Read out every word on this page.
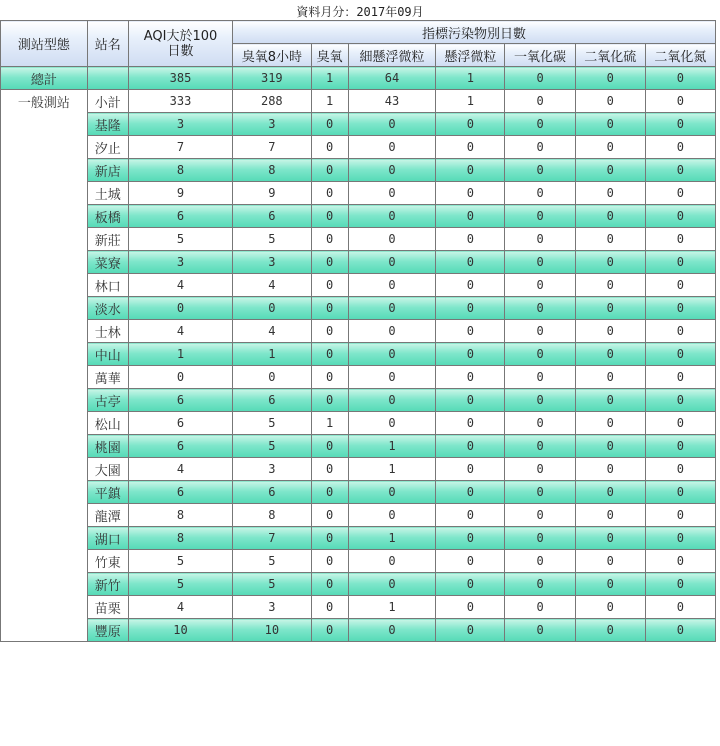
資料月分：2017年09月
測站型態	站名	AQI大於100日數	指標污染物別日數						
			臭氧8小時	臭氧	細懸浮微粒	懸浮微粒	一氧化碳	二氧化硫	二氧化氮
總計		385	319	1	64	1	0	0	0
一般測站	小計	333	288	1	43	1	0	0	0
	基隆	3	3	0	0	0	0	0	0
	汐止	7	7	0	0	0	0	0	0
	新店	8	8	0	0	0	0	0	0
	土城	9	9	0	0	0	0	0	0
	板橋	6	6	0	0	0	0	0	0
	新莊	5	5	0	0	0	0	0	0
	菜寮	3	3	0	0	0	0	0	0
	林口	4	4	0	0	0	0	0	0
	淡水	0	0	0	0	0	0	0	0
	士林	4	4	0	0	0	0	0	0
	中山	1	1	0	0	0	0	0	0
	萬華	0	0	0	0	0	0	0	0
	古亭	6	6	0	0	0	0	0	0
	松山	6	5	1	0	0	0	0	0
	桃園	6	5	0	1	0	0	0	0
	大園	4	3	0	1	0	0	0	0
	平鎮	6	6	0	0	0	0	0	0
	龍潭	8	8	0	0	0	0	0	0
	湖口	8	7	0	1	0	0	0	0
	竹東	5	5	0	0	0	0	0	0
	新竹	5	5	0	0	0	0	0	0
	苗栗	4	3	0	1	0	0	0	0
	豐原	10	10	0	0	0	0	0	0
